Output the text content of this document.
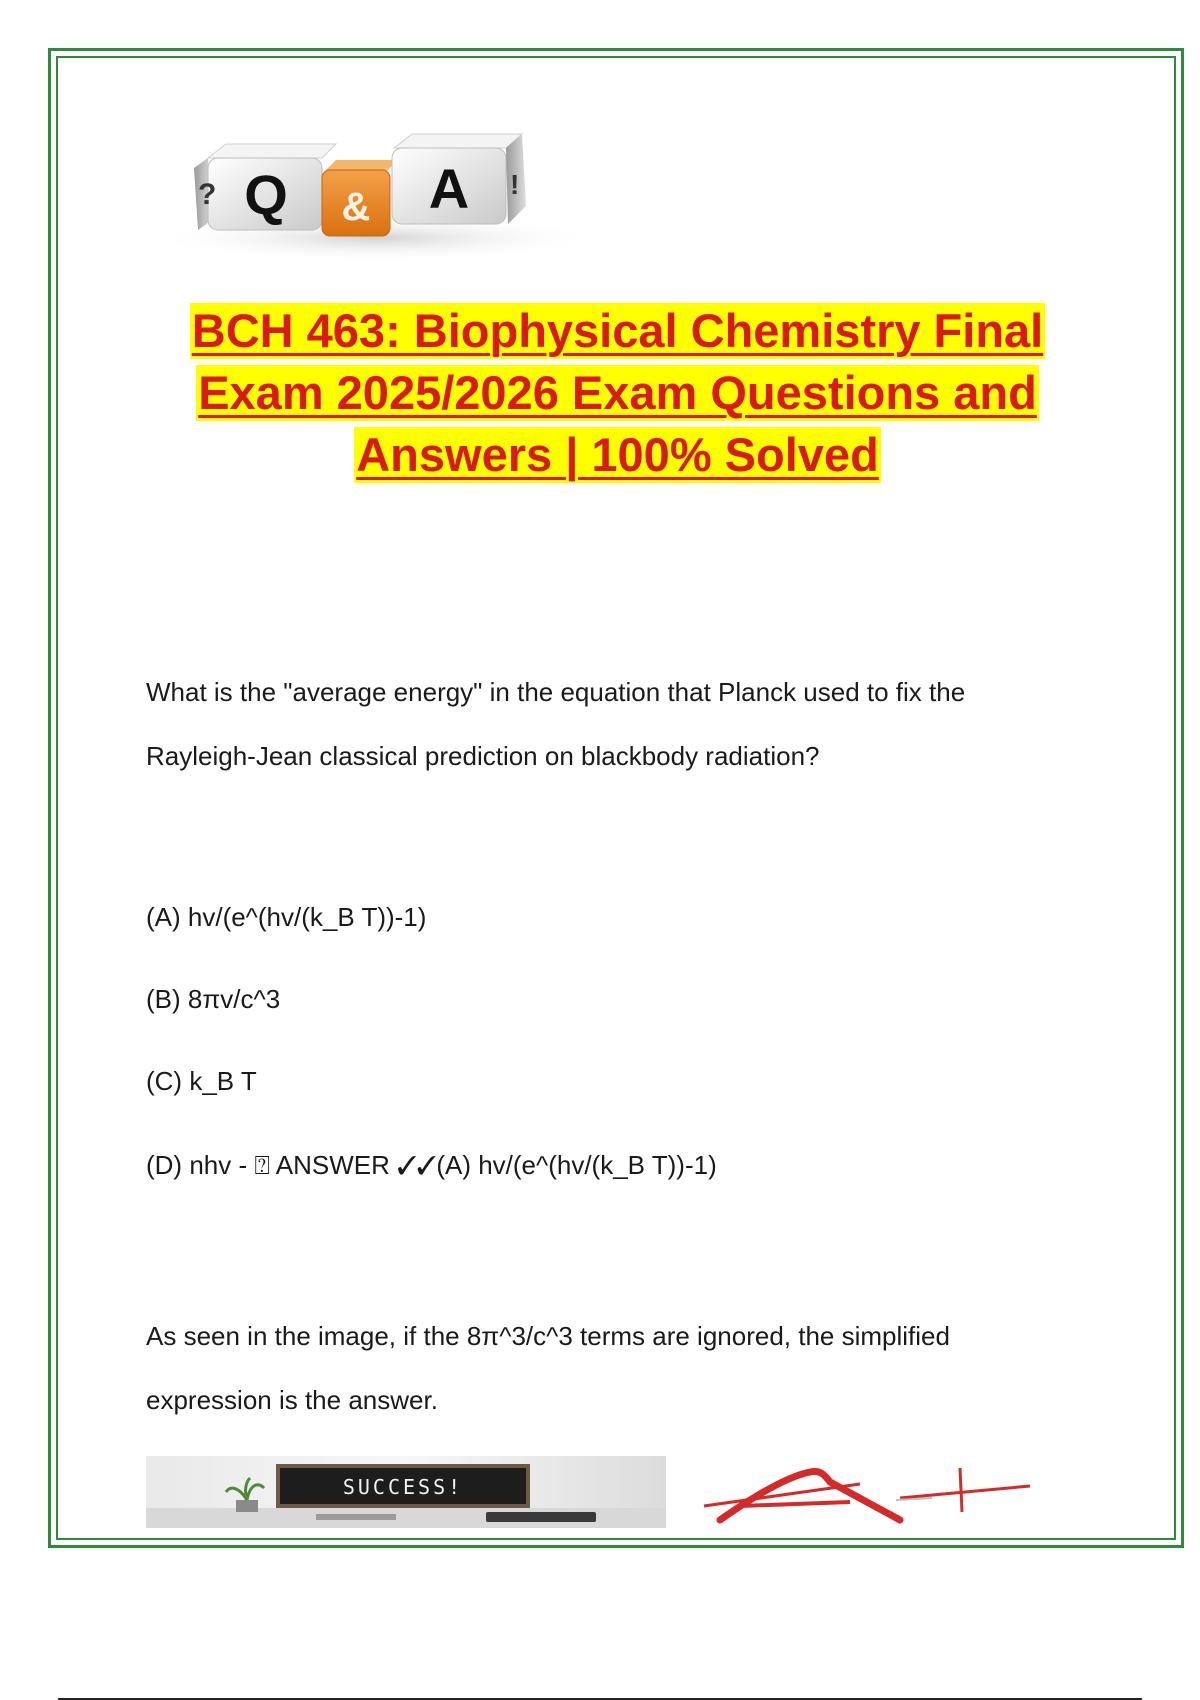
? Q & A !
BCH 463: Biophysical Chemistry Final
Exam 2025/2026 Exam Questions and
Answers | 100% Solved
What is the "average energy" in the equation that Planck used to fix the Rayleigh-Jean classical prediction on blackbody radiation?
(A) hv/(e^(hv/(k_B T))-1)
(B) 8πv/c^3
(C) k_B T
(D) nhv - ⍰ ANSWER ✓✓(A) hv/(e^(hv/(k_B T))-1)
As seen in the image, if the 8π^3/c^3 terms are ignored, the simplified expression is the answer.
SUCCESS!
